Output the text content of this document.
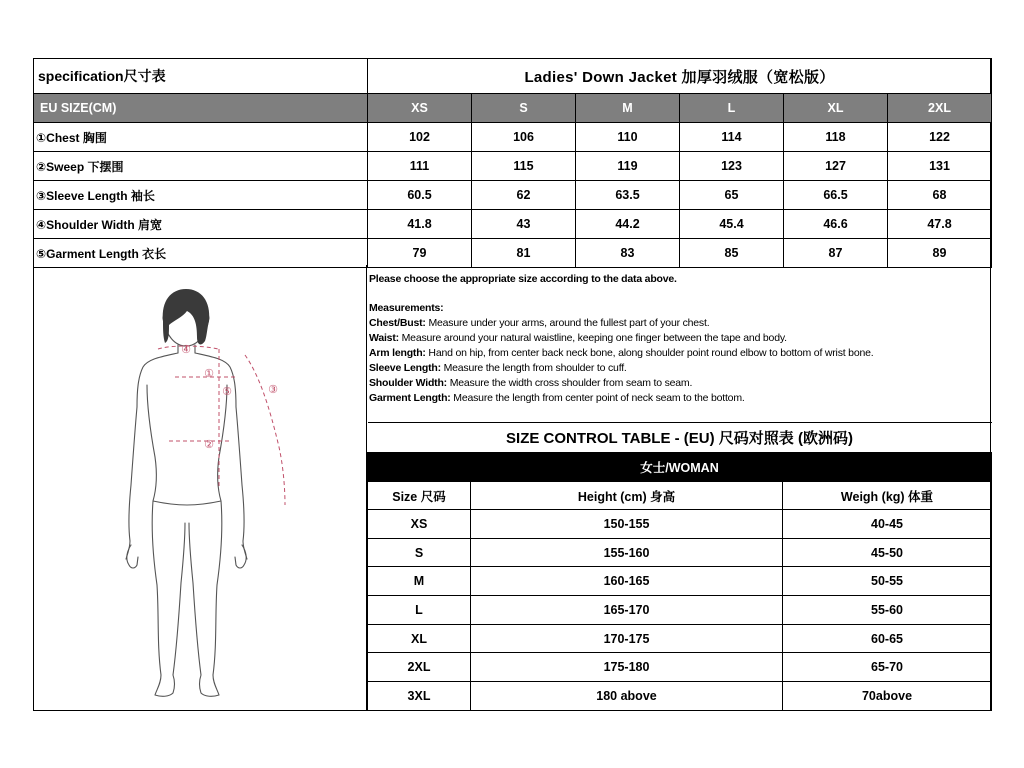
specification尺寸表	Ladies' Down Jacket 加厚羽绒服（宽松版）					
EU SIZE(CM)	XS	S	M	L	XL	2XL
①Chest 胸围	102	106	110	114	118	122
②Sweep 下摆围	111	115	119	123	127	131
③Sleeve Length 袖长	60.5	62	63.5	65	66.5	68
④Shoulder Width 肩宽	41.8	43	44.2	45.4	46.6	47.8
⑤Garment Length 衣长	79	81	83	85	87	89
①
②
③
④
⑤
Please choose the appropriate size according to the data above.
Measurements:
Chest/Bust: Measure under your arms, around the fullest part of your chest.
Waist: Measure around your natural waistline, keeping one finger between the tape and body.
Arm length: Hand on hip, from center back neck bone, along shoulder point round elbow to bottom of wrist bone.
Sleeve Length: Measure the length from shoulder to cuff.
Shoulder Width: Measure the width cross shoulder from seam to seam.
Garment Length: Measure the length from center point of neck seam to the bottom.
SIZE CONTROL TABLE - (EU) 尺码对照表 (欧洲码)		
女士/WOMAN		
Size 尺码	Height (cm) 身高	Weigh (kg) 体重
XS	150-155	40-45
S	155-160	45-50
M	160-165	50-55
L	165-170	55-60
XL	170-175	60-65
2XL	175-180	65-70
3XL	180 above	70above
